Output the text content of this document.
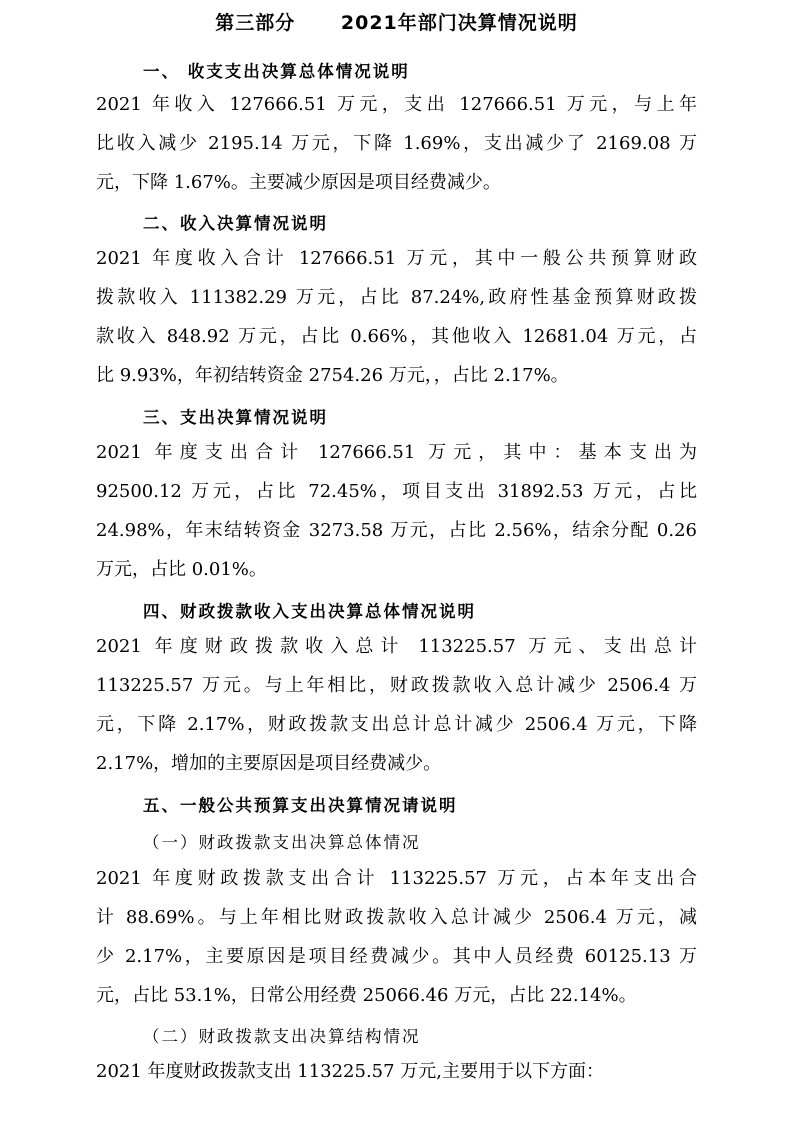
第三部分      2021年部门决算情况说明
一、 收支支出决算总体情况说明
2021 年收入 127666.51 万元，支出 127666.51 万元，与上年
比收入减少 2195.14 万元，下降 1.69%，支出减少了 2169.08 万
元，下降 1.67%。主要减少原因是项目经费减少。
二、收入决算情况说明
2021 年度收入合计 127666.51 万元，其中一般公共预算财政
拨款收入 111382.29 万元，占比 87.24%,政府性基金预算财政拨
款收入 848.92 万元，占比 0.66%，其他收入 12681.04 万元，占
比 9.93%，年初结转资金 2754.26 万元，，占比 2.17%。
三、支出决算情况说明
2021 年度支出合计 127666.51 万元，其中：基本支出为
92500.12 万元，占比 72.45%，项目支出 31892.53 万元，占比
24.98%，年末结转资金 3273.58 万元，占比 2.56%，结余分配 0.26
万元，占比 0.01%。
四、财政拨款收入支出决算总体情况说明
2021 年度财政拨款收入总计 113225.57 万元、支出总计
113225.57 万元。与上年相比，财政拨款收入总计减少 2506.4 万
元，下降 2.17%，财政拨款支出总计总计减少 2506.4 万元，下降
2.17%，增加的主要原因是项目经费减少。
五、一般公共预算支出决算情况请说明
（一）财政拨款支出决算总体情况
2021 年度财政拨款支出合计 113225.57 万元，占本年支出合
计 88.69%。与上年相比财政拨款收入总计减少 2506.4 万元，减
少 2.17%，主要原因是项目经费减少。其中人员经费 60125.13 万
元，占比 53.1%，日常公用经费 25066.46 万元，占比 22.14%。
（二）财政拨款支出决算结构情况
2021 年度财政拨款支出 113225.57 万元,主要用于以下方面：
